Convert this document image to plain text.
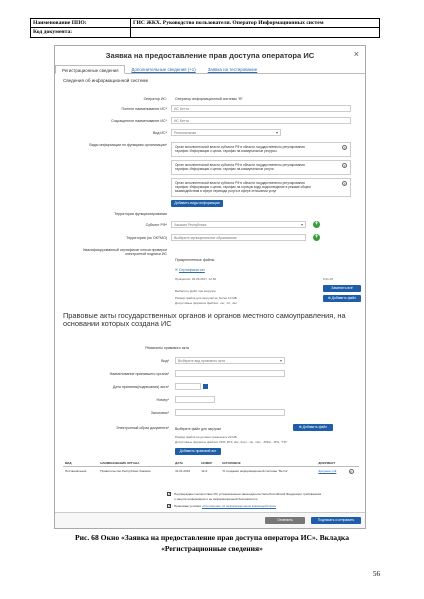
Наименование ППО:	ГИС ЖКХ. Руководство пользователя. Оператор Информационных систем
Код документа:
Заявка на предоставление прав доступа оператора ИС	×
Регистрационные сведения	Дополнительные сведения (+1)	Заявка на тестирование
Сведения об информационной системе
Оператор ИС: Оператор информационной системы "В"
Полное наименование ИС*	ИС Бетта
Сокращенное наименование ИС*	ИС Бетта
Вид ИС*	Региональная ▾
Виды информации по функциям организации*	Орган исполнительной власти субъекта РФ в области государственного регулирования
тарифов: Информация о ценах, тарифах на коммунальные ресурсы
×
Орган исполнительной власти субъекта РФ в области государственного регулирования
тарифов: Информация о ценах, тарифах на коммунальные услуги
×
Орган исполнительной власти субъекта РФ в области государственного регулирования
тарифов: Информация о ценах, тарифах на горячую воду, водоотведение в режиме общем
взаимодействия в сфере перевода услуги в сфере отношении услуг
×
Добавить виды информации
Территория функционирования
Субъект РФ*	Хакасия Республика ▾	+
Территория (по ОКТМО)	Выберите муниципальное образование	+
Квалифицированный сертификат ключа проверки электронной подписи ИС
Прикрепленные файлы
🗎 Сертификат.cer
Прикрепил: 03.06.2017, 12:52	5,01 Кб
Выберите файл при загрузки
Размер файла для загрузки не более 10 МБ
Допустимые форматы файлов: .cer, .crt, .der
Заменить всё
⊕ Добавить файл
Правовые акты государственных органов и органов местного самоуправления, на основании которых создана ИС
Реквизиты правового акта
Вид*	Выберите вид правового акта ▾
Наименование принявшего органа*
Дата принятия(подписания) акта*
Номер*
Заголовок*
Электронный образ документа* Выберите файл для загрузки
Размер файла не должен превышать 20 МБ
Допустимые форматы файлов: PDF, RTF, doc, docx, .xls, .xlsx, .JPEG, .JPG, "TIF"
⊕ Добавить файл
Добавить правовой акт
ВИД	НАИМЕНОВАНИЕ ОРГАНА	ДАТА	НОМЕР	ЗАГОЛОВОК	ДОКУМЕНТ	
Постановление	Правительство Республики Хакасия	31.01.2016	12-К	"О создании информационной системы "Бетта"	Документ.pdf	×
✓ Подтверждаю соответствие ИС установленным законодательством Российской Федерации требованиям
о защите информации и ее информационной безопасности
✓ Принимаю условия «Соглашение об информационном взаимодействии»
Отменить	Подписать и отправить
Рис. 68 Окно «Заявка на предоставление прав доступа оператора ИС». Вкладка
«Регистрационные сведения»
56
